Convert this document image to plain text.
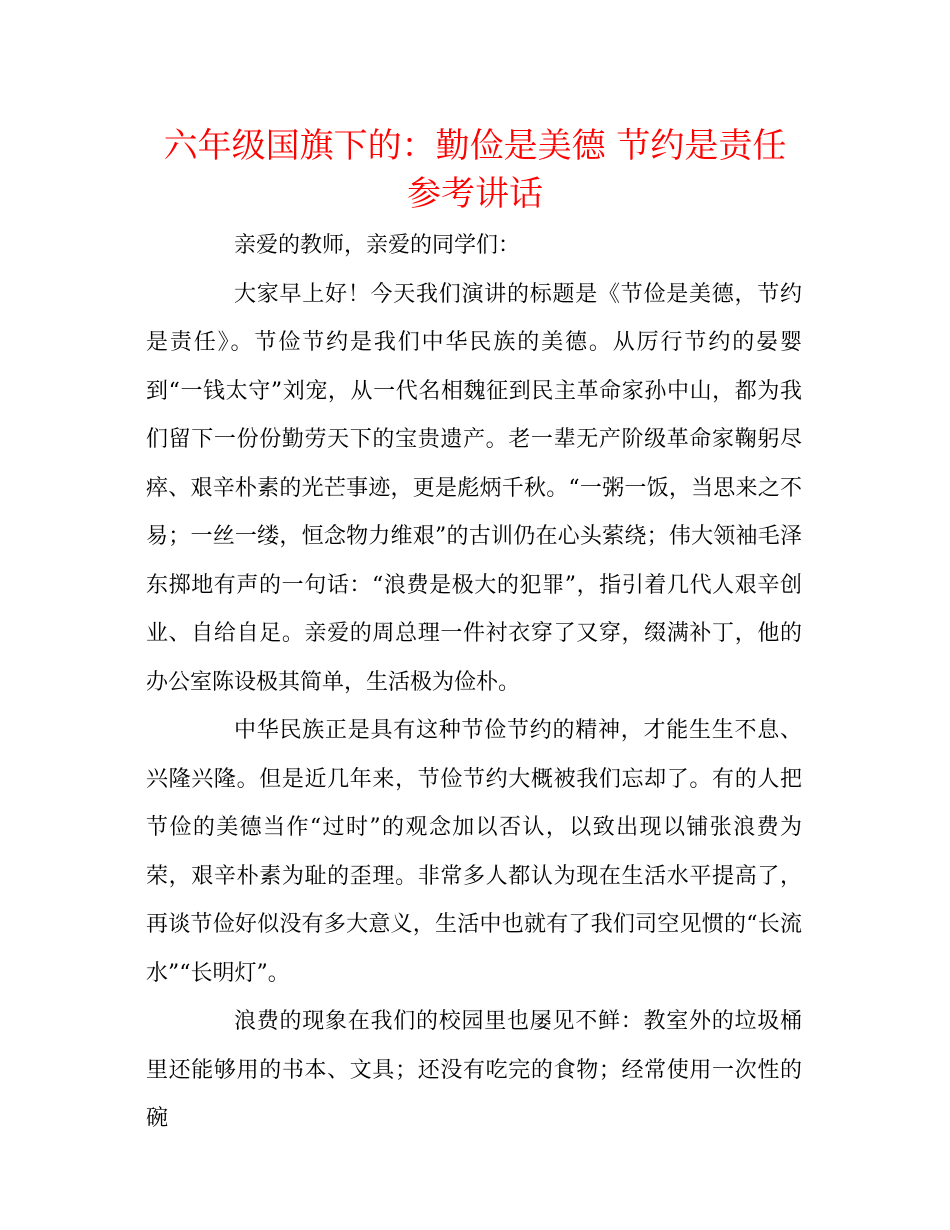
六年级国旗下的：勤俭是美德 节约是责任
参考讲话

亲爱的教师，亲爱的同学们：

大家早上好！今天我们演讲的标题是《节俭是美德，节约是责任》。节俭节约是我们中华民族的美德。从厉行节约的晏婴到“一钱太守”刘宠，从一代名相魏征到民主革命家孙中山，都为我们留下一份份勤劳天下的宝贵遗产。老一辈无产阶级革命家鞠躬尽瘁、艰辛朴素的光芒事迹，更是彪炳千秋。“一粥一饭，当思来之不易；一丝一缕，恒念物力维艰”的古训仍在心头萦绕；伟大领袖毛泽东掷地有声的一句话：“浪费是极大的犯罪”，指引着几代人艰辛创业、自给自足。亲爱的周总理一件衬衣穿了又穿，缀满补丁，他的办公室陈设极其简单，生活极为俭朴。

中华民族正是具有这种节俭节约的精神，才能生生不息、兴隆兴隆。但是近几年来，节俭节约大概被我们忘却了。有的人把节俭的美德当作“过时”的观念加以否认，以致出现以铺张浪费为荣，艰辛朴素为耻的歪理。非常多人都认为现在生活水平提高了，再谈节俭好似没有多大意义，生活中也就有了我们司空见惯的“长流水”“长明灯”。

浪费的现象在我们的校园里也屡见不鲜：教室外的垃圾桶里还能够用的书本、文具；还没有吃完的食物；经常使用一次性的碗
